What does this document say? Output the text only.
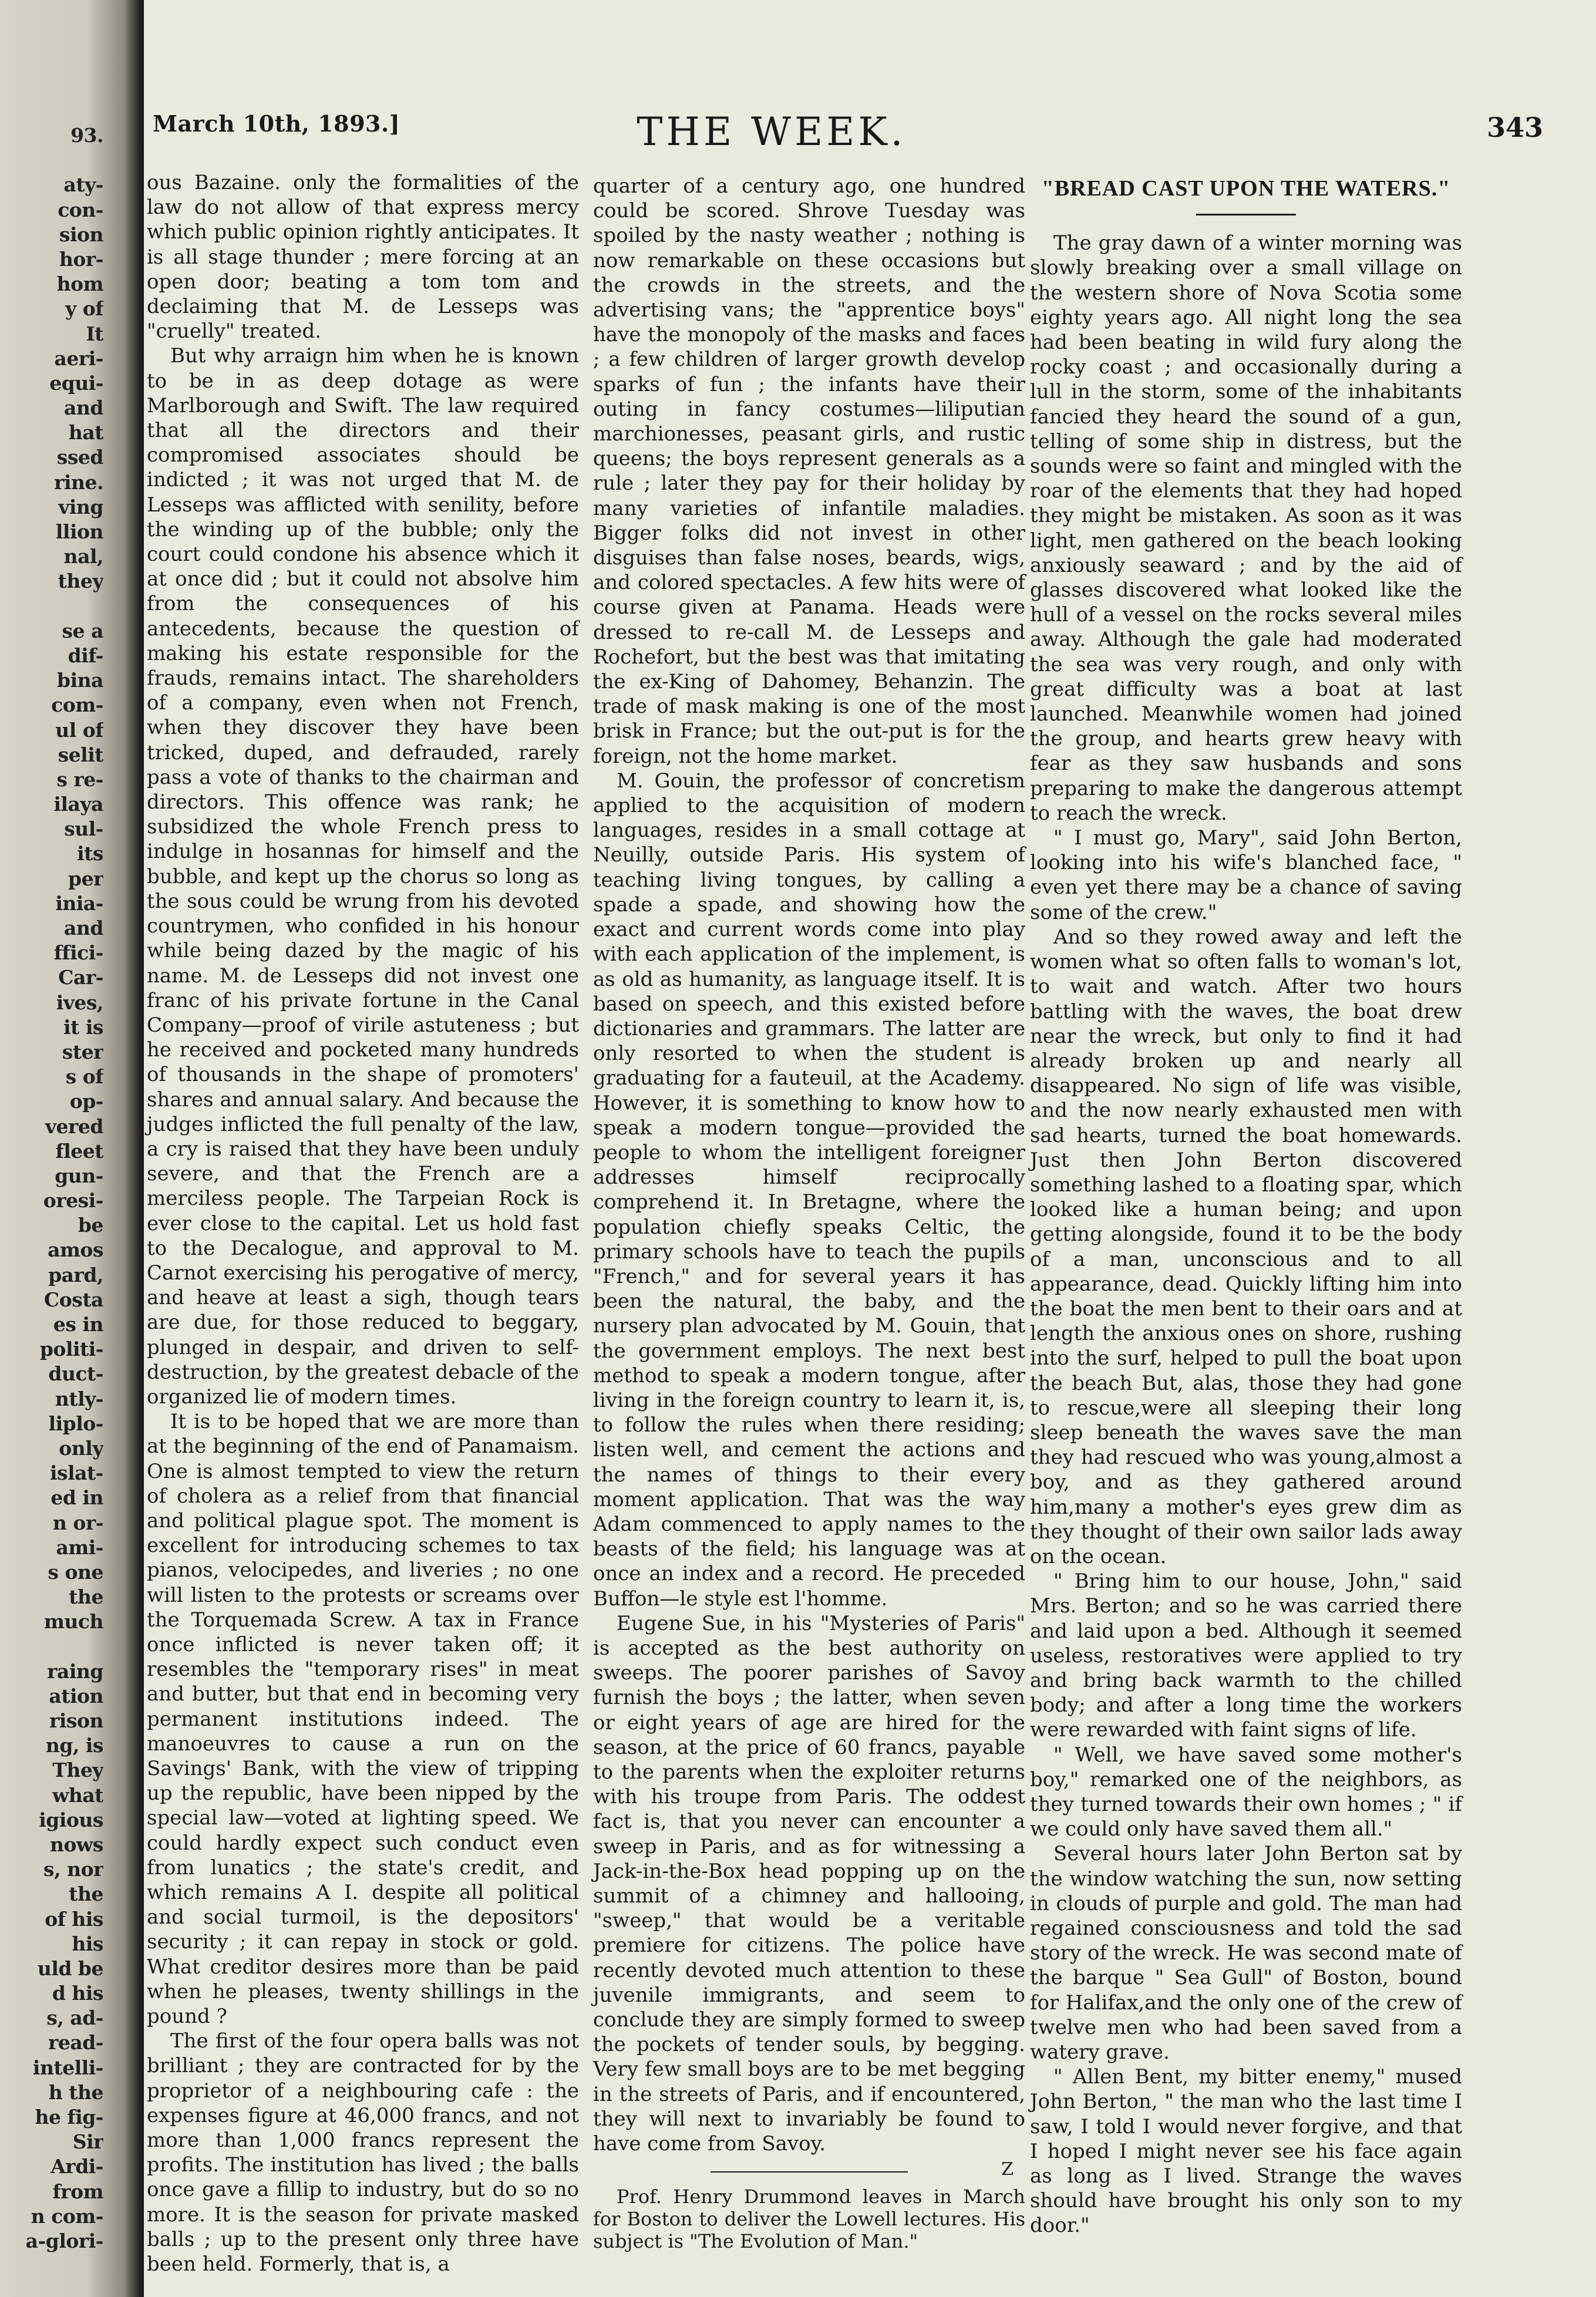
93.
aty-
con-
sion
hor-
hom
y of
It
aeri-
equi-
and
hat
ssed
rine.
ving
llion
nal,
they
se a
dif-
bina
com-
ul of
selit
s re-
ilaya
sul-
its
per
inia-
and
ffici-
Car-
ives,
it is
ster
s of
op-
vered
fleet
gun-
oresi-
be
amos
pard,
Costa
es in
politi-
duct-
ntly-
liplo-
only
islat-
ed in
n or-
ami-
s one
the
much
raing
ation
rison
ng, is
They
what
igious
nows
s, nor
the
of his
his
uld be
d his
s, ad-
read-
intelli-
h the
he fig-
Sir
Ardi-
from
n com-
a-glori-
March 10th, 1893.]	THE WEEK.	343

ous Bazaine. only the formalities of the law do not allow of that express mercy which public opinion rightly anticipates. It is all stage thunder ; mere forcing at an open door; beating a tom tom and declaiming that M. de Lesseps was "cruelly" treated.

But why arraign him when he is known to be in as deep dotage as were Marlborough and Swift. The law required that all the directors and their compromised associates should be indicted ; it was not urged that M. de Lesseps was afflicted with senility, before the winding up of the bubble; only the court could condone his absence which it at once did ; but it could not absolve him from the consequences of his antecedents, because the question of making his estate responsible for the frauds, remains intact. The shareholders of a company, even when not French, when they discover they have been tricked, duped, and defrauded, rarely pass a vote of thanks to the chairman and directors. This offence was rank; he subsidized the whole French press to indulge in hosannas for himself and the bubble, and kept up the chorus so long as the sous could be wrung from his devoted countrymen, who confided in his honour while being dazed by the magic of his name. M. de Lesseps did not invest one franc of his private fortune in the Canal Company—proof of virile astuteness ; but he received and pocketed many hundreds of thousands in the shape of promoters' shares and annual salary. And because the judges inflicted the full penalty of the law, a cry is raised that they have been unduly severe, and that the French are a merciless people. The Tarpeian Rock is ever close to the capital. Let us hold fast to the Decalogue, and approval to M. Carnot exercising his perogative of mercy, and heave at least a sigh, though tears are due, for those reduced to beggary, plunged in despair, and driven to self-destruction, by the greatest debacle of the organized lie of modern times.

It is to be hoped that we are more than at the beginning of the end of Panamaism. One is almost tempted to view the return of cholera as a relief from that financial and political plague spot. The moment is excellent for introducing schemes to tax pianos, velocipedes, and liveries ; no one will listen to the protests or screams over the Torquemada Screw. A tax in France once inflicted is never taken off; it resembles the "temporary rises" in meat and butter, but that end in becoming very permanent institutions indeed. The manoeuvres to cause a run on the Savings' Bank, with the view of tripping up the republic, have been nipped by the special law—voted at lighting speed. We could hardly expect such conduct even from lunatics ; the state's credit, and which remains A I. despite all political and social turmoil, is the depositors' security ; it can repay in stock or gold. What creditor desires more than be paid when he pleases, twenty shillings in the pound ?

The first of the four opera balls was not brilliant ; they are contracted for by the proprietor of a neighbouring cafe : the expenses figure at 46,000 francs, and not more than 1,000 francs represent the profits. The institution has lived ; the balls once gave a fillip to industry, but do so no more. It is the season for private masked balls ; up to the present only three have been held. Formerly, that is, a

quarter of a century ago, one hundred could be scored. Shrove Tuesday was spoiled by the nasty weather ; nothing is now remarkable on these occasions but the crowds in the streets, and the advertising vans; the "apprentice boys" have the monopoly of the masks and faces ; a few children of larger growth develop sparks of fun ; the infants have their outing in fancy costumes—liliputian marchionesses, peasant girls, and rustic queens; the boys represent generals as a rule ; later they pay for their holiday by many varieties of infantile maladies. Bigger folks did not invest in other disguises than false noses, beards, wigs, and colored spectacles. A few hits were of course given at Panama. Heads were dressed to re-call M. de Lesseps and Rochefort, but the best was that imitating the ex-King of Dahomey, Behanzin. The trade of mask making is one of the most brisk in France; but the out-put is for the foreign, not the home market.

M. Gouin, the professor of concretism applied to the acquisition of modern languages, resides in a small cottage at Neuilly, outside Paris. His system of teaching living tongues, by calling a spade a spade, and showing how the exact and current words come into play with each application of the implement, is as old as humanity, as language itself. It is based on speech, and this existed before dictionaries and grammars. The latter are only resorted to when the student is graduating for a fauteuil, at the Academy. However, it is something to know how to speak a modern tongue—provided the people to whom the intelligent foreigner addresses himself reciprocally comprehend it. In Bretagne, where the population chiefly speaks Celtic, the primary schools have to teach the pupils "French," and for several years it has been the natural, the baby, and the nursery plan advocated by M. Gouin, that the government employs. The next best method to speak a modern tongue, after living in the foreign country to learn it, is, to follow the rules when there residing; listen well, and cement the actions and the names of things to their every moment application. That was the way Adam commenced to apply names to the beasts of the field; his language was at once an index and a record. He preceded Buffon—le style est l'homme.

Eugene Sue, in his "Mysteries of Paris" is accepted as the best authority on sweeps. The poorer parishes of Savoy furnish the boys ; the latter, when seven or eight years of age are hired for the season, at the price of 60 francs, payable to the parents when the exploiter returns with his troupe from Paris. The oddest fact is, that you never can encounter a sweep in Paris, and as for witnessing a Jack-in-the-Box head popping up on the summit of a chimney and hallooing, "sweep," that would be a veritable premiere for citizens. The police have recently devoted much attention to these juvenile immigrants, and seem to conclude they are simply formed to sweep the pockets of tender souls, by begging. Very few small boys are to be met begging in the streets of Paris, and if encountered, they will next to invariably be found to have come from Savoy.

Z

Prof. Henry Drummond leaves in March for Boston to deliver the Lowell lectures. His subject is "The Evolution of Man."

"BREAD CAST UPON THE WATERS."

The gray dawn of a winter morning was slowly breaking over a small village on the western shore of Nova Scotia some eighty years ago. All night long the sea had been beating in wild fury along the rocky coast ; and occasionally during a lull in the storm, some of the inhabitants fancied they heard the sound of a gun, telling of some ship in distress, but the sounds were so faint and mingled with the roar of the elements that they had hoped they might be mistaken. As soon as it was light, men gathered on the beach looking anxiously seaward ; and by the aid of glasses discovered what looked like the hull of a vessel on the rocks several miles away. Although the gale had moderated the sea was very rough, and only with great difficulty was a boat at last launched. Meanwhile women had joined the group, and hearts grew heavy with fear as they saw husbands and sons preparing to make the dangerous attempt to reach the wreck.

" I must go, Mary", said John Berton, looking into his wife's blanched face, " even yet there may be a chance of saving some of the crew."

And so they rowed away and left the women what so often falls to woman's lot, to wait and watch. After two hours battling with the waves, the boat drew near the wreck, but only to find it had already broken up and nearly all disappeared. No sign of life was visible, and the now nearly exhausted men with sad hearts, turned the boat homewards. Just then John Berton discovered something lashed to a floating spar, which looked like a human being; and upon getting alongside, found it to be the body of a man, unconscious and to all appearance, dead. Quickly lifting him into the boat the men bent to their oars and at length the anxious ones on shore, rushing into the surf, helped to pull the boat upon the beach But, alas, those they had gone to rescue,were all sleeping their long sleep beneath the waves save the man they had rescued who was young,almost a boy, and as they gathered around him,many a mother's eyes grew dim as they thought of their own sailor lads away on the ocean.

" Bring him to our house, John," said Mrs. Berton; and so he was carried there and laid upon a bed. Although it seemed useless, restoratives were applied to try and bring back warmth to the chilled body; and after a long time the workers were rewarded with faint signs of life.

" Well, we have saved some mother's boy," remarked one of the neighbors, as they turned towards their own homes ; " if we could only have saved them all."

Several hours later John Berton sat by the window watching the sun, now setting in clouds of purple and gold. The man had regained consciousness and told the sad story of the wreck. He was second mate of the barque " Sea Gull" of Boston, bound for Halifax,and the only one of the crew of twelve men who had been saved from a watery grave.

" Allen Bent, my bitter enemy," mused John Berton, " the man who the last time I saw, I told I would never forgive, and that I hoped I might never see his face again as long as I lived. Strange the waves should have brought his only son to my door."
